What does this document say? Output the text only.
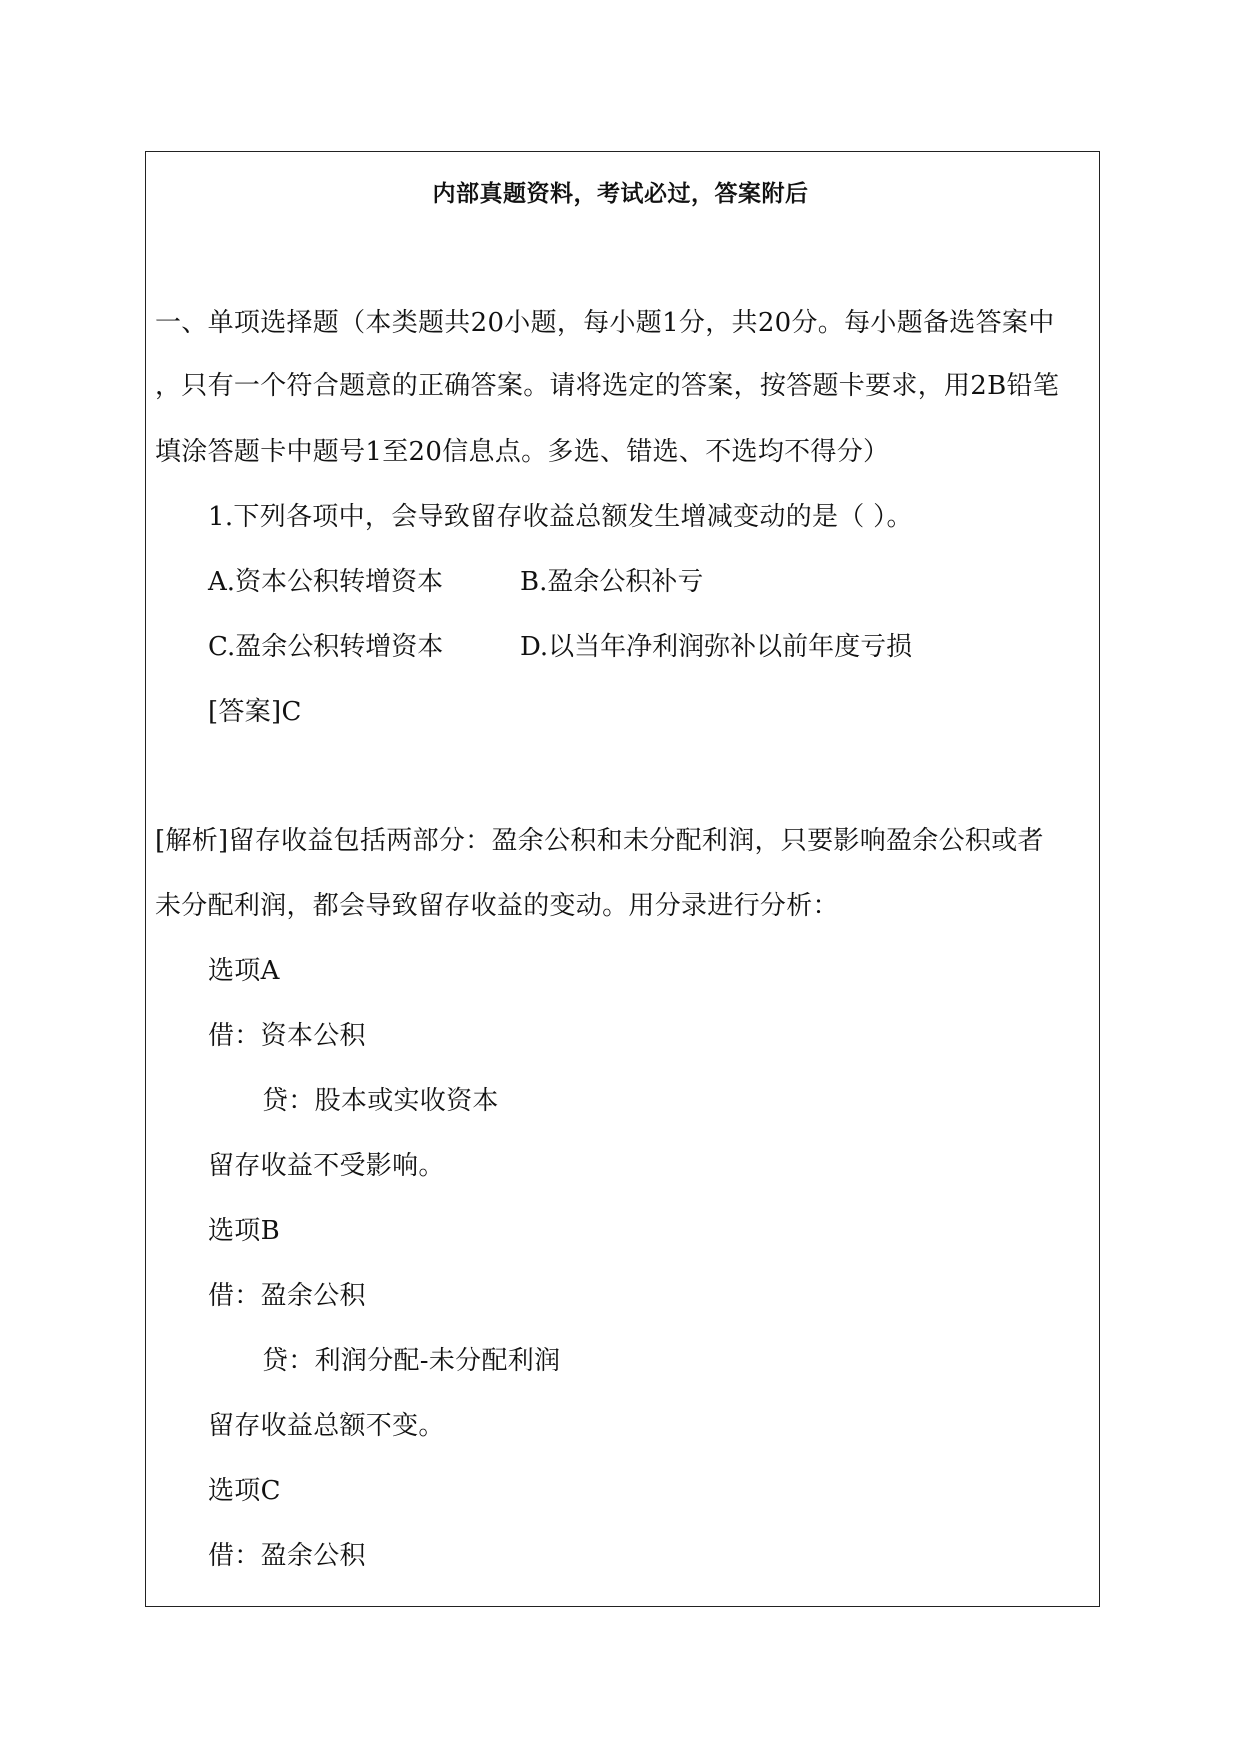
内部真题资料，考试必过，答案附后
一、单项选择题（本类题共20小题，每小题1分，共20分。每小题备选答案中
，只有一个符合题意的正确答案。请将选定的答案，按答题卡要求，用2B铅笔
填涂答题卡中题号1至20信息点。多选、错选、不选均不得分）
1.下列各项中，会导致留存收益总额发生增减变动的是（ ）。
A.资本公积转增资本	B.盈余公积补亏
C.盈余公积转增资本	D.以当年净利润弥补以前年度亏损
[答案]C
[解析]留存收益包括两部分：盈余公积和未分配利润，只要影响盈余公积或者
未分配利润，都会导致留存收益的变动。用分录进行分析：
选项A
借：资本公积
贷：股本或实收资本
留存收益不受影响。
选项B
借：盈余公积
贷：利润分配-未分配利润
留存收益总额不变。
选项C
借：盈余公积
